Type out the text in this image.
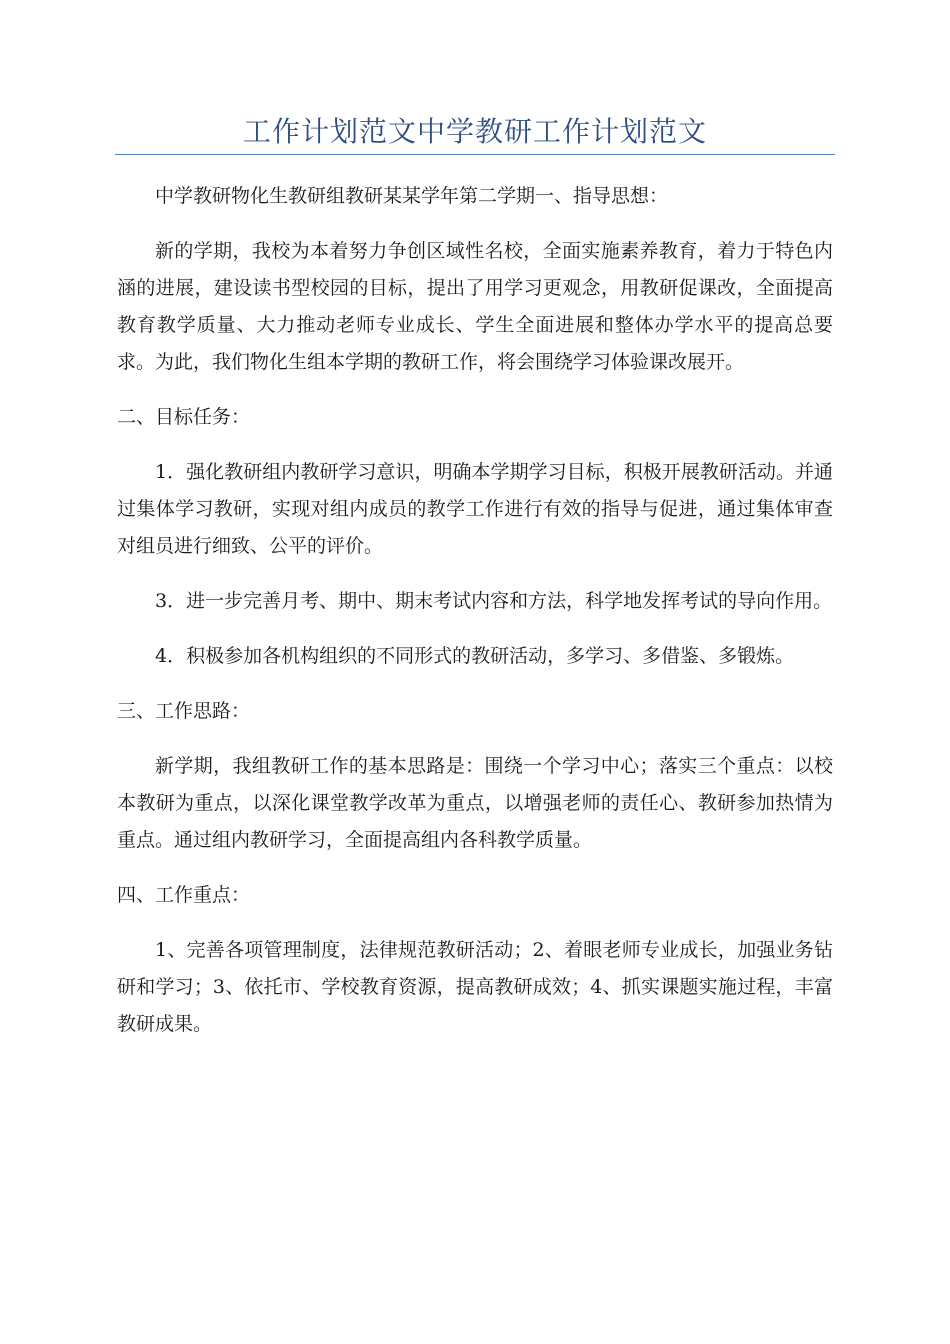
工作计划范文中学教研工作计划范文

中学教研物化生教研组教研某某学年第二学期一、指导思想：

新的学期，我校为本着努力争创区域性名校，全面实施素养教育，着力于特色内涵的进展，建设读书型校园的目标，提出了用学习更观念，用教研促课改，全面提高教育教学质量、大力推动老师专业成长、学生全面进展和整体办学水平的提高总要求。为此，我们物化生组本学期的教研工作，将会围绕学习体验课改展开。

二、目标任务：

1．强化教研组内教研学习意识，明确本学期学习目标，积极开展教研活动。并通过集体学习教研，实现对组内成员的教学工作进行有效的指导与促进，通过集体审查对组员进行细致、公平的评价。

3．进一步完善月考、期中、期末考试内容和方法，科学地发挥考试的导向作用。

4．积极参加各机构组织的不同形式的教研活动，多学习、多借鉴、多锻炼。

三、工作思路：

新学期，我组教研工作的基本思路是：围绕一个学习中心；落实三个重点：以校本教研为重点，以深化课堂教学改革为重点，以增强老师的责任心、教研参加热情为重点。通过组内教研学习，全面提高组内各科教学质量。

四、工作重点：

1、完善各项管理制度，法律规范教研活动；2、着眼老师专业成长，加强业务钻研和学习；3、依托市、学校教育资源，提高教研成效；4、抓实课题实施过程，丰富教研成果。
